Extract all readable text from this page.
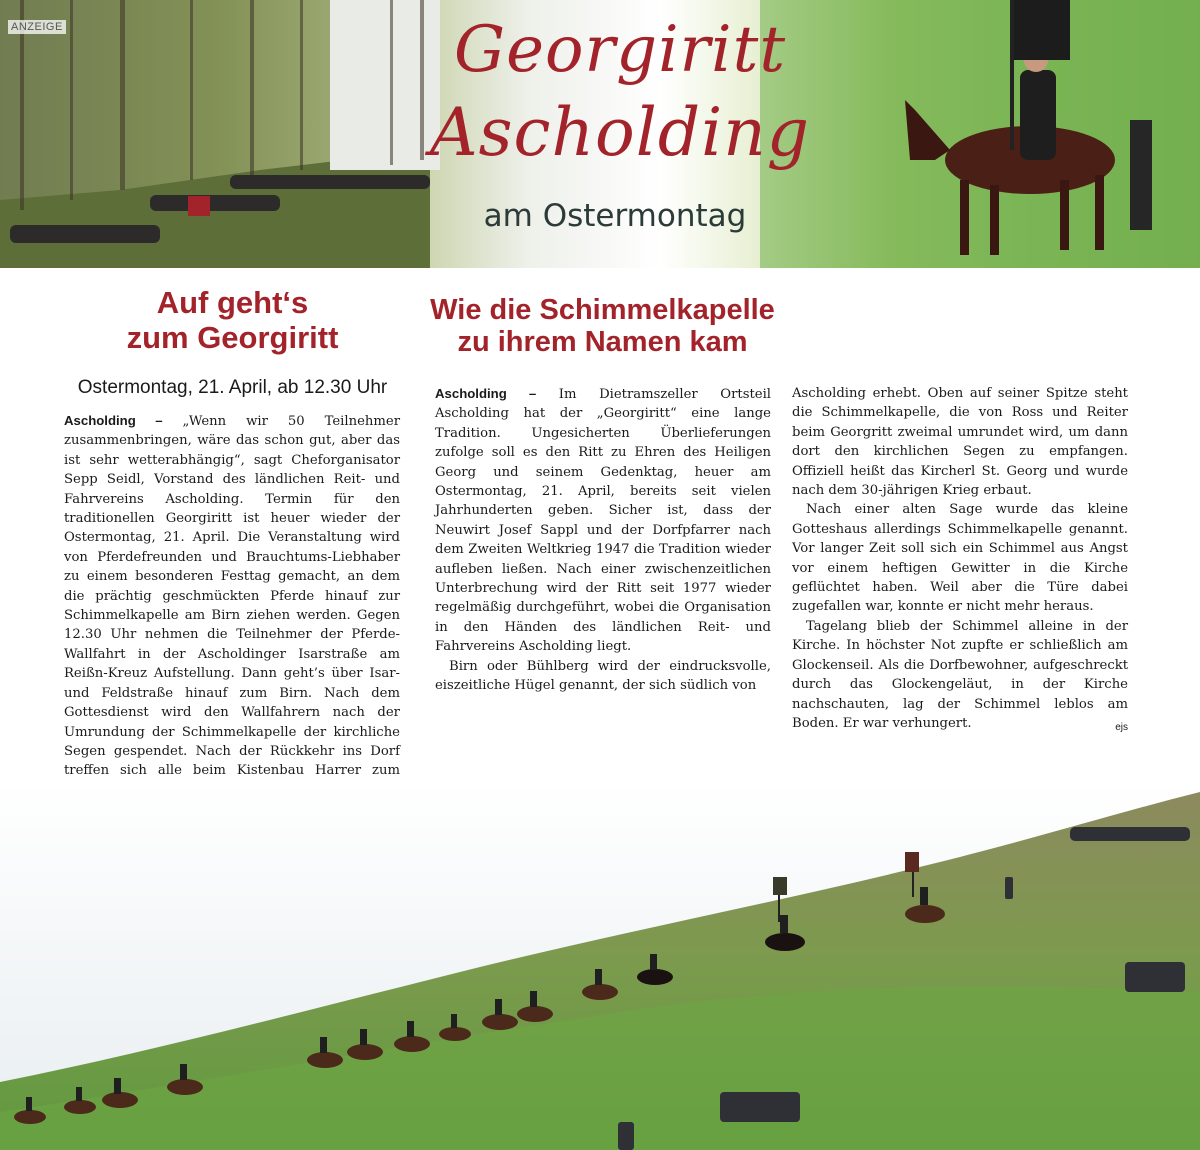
ANZEIGE	Georgiritt
Ascholding
am Ostermontag
Auf geht‘s
zum Georgiritt
Ostermontag, 21. April, ab 12.30 Uhr

Ascholding – „Wenn wir 50 Teilnehmer zusammenbringen, wäre das schon gut, aber das ist sehr wetterabhängig“, sagt Cheforganisator Sepp Seidl, Vorstand des ländlichen Reit- und Fahrvereins Ascholding. Termin für den traditionellen Georgiritt ist heuer wieder der Ostermontag, 21. April. Die Veranstaltung wird von Pferdefreunden und Brauchtums-Liebhaber zu einem besonderen Festtag gemacht, an dem die prächtig geschmückten Pferde hinauf zur Schimmelkapelle am Birn ziehen werden. Gegen 12.30 Uhr nehmen die Teilnehmer der Pferde-Wallfahrt in der Ascholdinger Isarstraße am Reißn-Kreuz Aufstellung. Dann geht’s über Isar- und Feldstraße hinauf zum Birn. Nach dem Gottesdienst wird den Wallfahrern nach der Umrundung der Schimmelkapelle der kirchliche Segen gespendet. Nach der Rückkehr ins Dorf treffen sich alle beim Kistenbau Harrer zum

Wie die Schimmelkapelle
zu ihrem Namen kam

Ascholding – Im Dietramszeller Ortsteil Ascholding hat der „Georgiritt“ eine lange Tradition. Ungesicherten Überlieferungen zufolge soll es den Ritt zu Ehren des Heiligen Georg und seinem Gedenktag, heuer am Ostermontag, 21. April, bereits seit vielen Jahrhunderten geben. Sicher ist, dass der Neuwirt Josef Sappl und der Dorfpfarrer nach dem Zweiten Weltkrieg 1947 die Tradition wieder aufleben ließen. Nach einer zwischenzeitlichen Unterbrechung wird der Ritt seit 1977 wieder regelmäßig durchgeführt, wobei die Organisation in den Händen des ländlichen Reit- und Fahrvereins Ascholding liegt.

Birn oder Bühlberg wird der eindrucksvolle, eiszeitliche Hügel genannt, der sich südlich von

Ascholding erhebt. Oben auf seiner Spitze steht die Schimmelkapelle, die von Ross und Reiter beim Georgritt zweimal umrundet wird, um dann dort den kirchlichen Segen zu empfangen. Offiziell heißt das Kircherl St. Georg und wurde nach dem 30-jährigen Krieg erbaut.

Nach einer alten Sage wurde das kleine Gotteshaus allerdings Schimmelkapelle genannt. Vor langer Zeit soll sich ein Schimmel aus Angst vor einem heftigen Gewitter in die Kirche geflüchtet haben. Weil aber die Türe dabei zugefallen war, konnte er nicht mehr heraus.

Tagelang blieb der Schimmel alleine in der Kirche. In höchster Not zupfte er schließlich am Glockenseil. Als die Dorfbewohner, aufgeschreckt durch das Glockengeläut, in der Kirche nachschauten, lag der Schimmel leblos am Boden. Er war verhungert.	ejs
